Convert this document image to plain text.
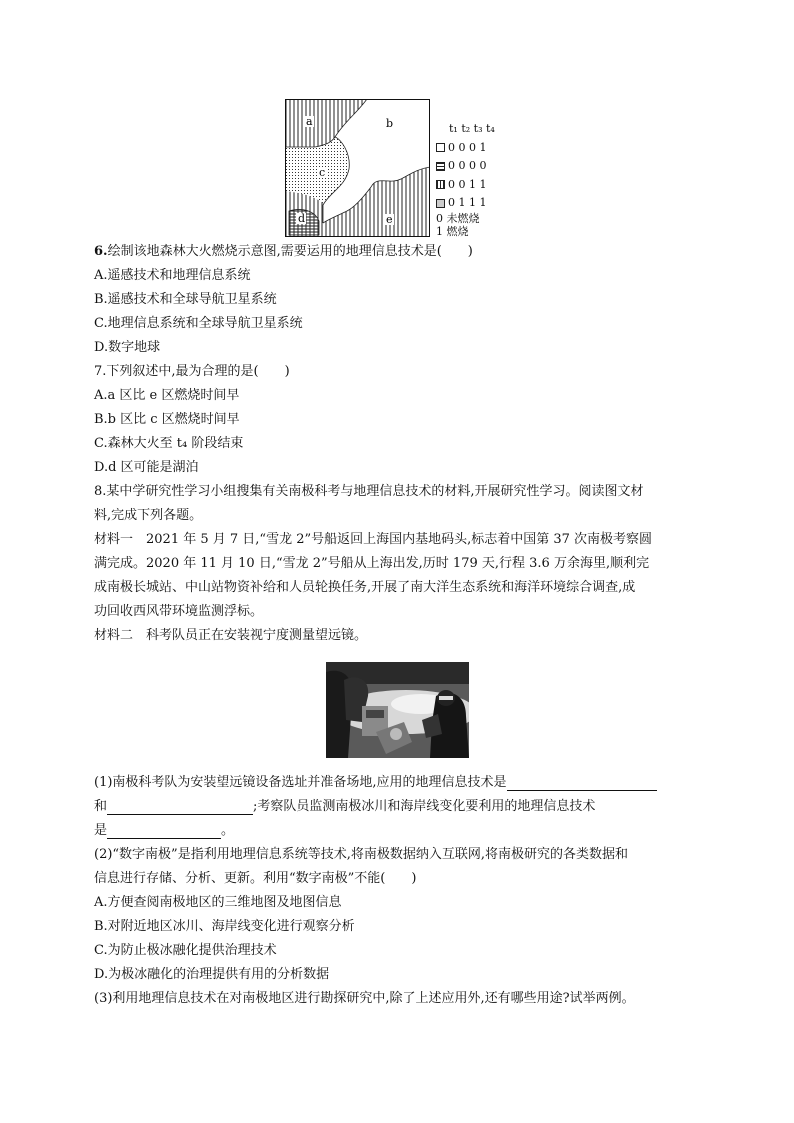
a	b
c
d	e
t₁ t₂ t₃ t₄
0 0 0 1
0 0 0 0
0 0 1 1
0 1 1 1
0 未燃烧
1 燃烧
6.绘制该地森林大火燃烧示意图,需要运用的地理信息技术是(　　)
A.遥感技术和地理信息系统
B.遥感技术和全球导航卫星系统
C.地理信息系统和全球导航卫星系统
D.数字地球
7.下列叙述中,最为合理的是(　　)
A.a 区比 e 区燃烧时间早
B.b 区比 c 区燃烧时间早
C.森林大火至 t₄ 阶段结束
D.d 区可能是湖泊
8.某中学研究性学习小组搜集有关南极科考与地理信息技术的材料,开展研究性学习。阅读图文材
料,完成下列各题。
材料一　2021 年 5 月 7 日,“雪龙 2”号船返回上海国内基地码头,标志着中国第 37 次南极考察圆
满完成。2020 年 11 月 10 日,“雪龙 2”号船从上海出发,历时 179 天,行程 3.6 万余海里,顺利完
成南极长城站、中山站物资补给和人员轮换任务,开展了南大洋生态系统和海洋环境综合调查,成
功回收西风带环境监测浮标。
材料二　科考队员正在安装视宁度测量望远镜。
(1)南极科考队为安装望远镜设备选址并准备场地,应用的地理信息技术是
和	;考察队员监测南极冰川和海岸线变化要利用的地理信息技术
是	。
(2)“数字南极”是指利用地理信息系统等技术,将南极数据纳入互联网,将南极研究的各类数据和
信息进行存储、分析、更新。利用“数字南极”不能(　　)
A.方便查阅南极地区的三维地图及地图信息
B.对附近地区冰川、海岸线变化进行观察分析
C.为防止极冰融化提供治理技术
D.为极冰融化的治理提供有用的分析数据
(3)利用地理信息技术在对南极地区进行勘探研究中,除了上述应用外,还有哪些用途?试举两例。
